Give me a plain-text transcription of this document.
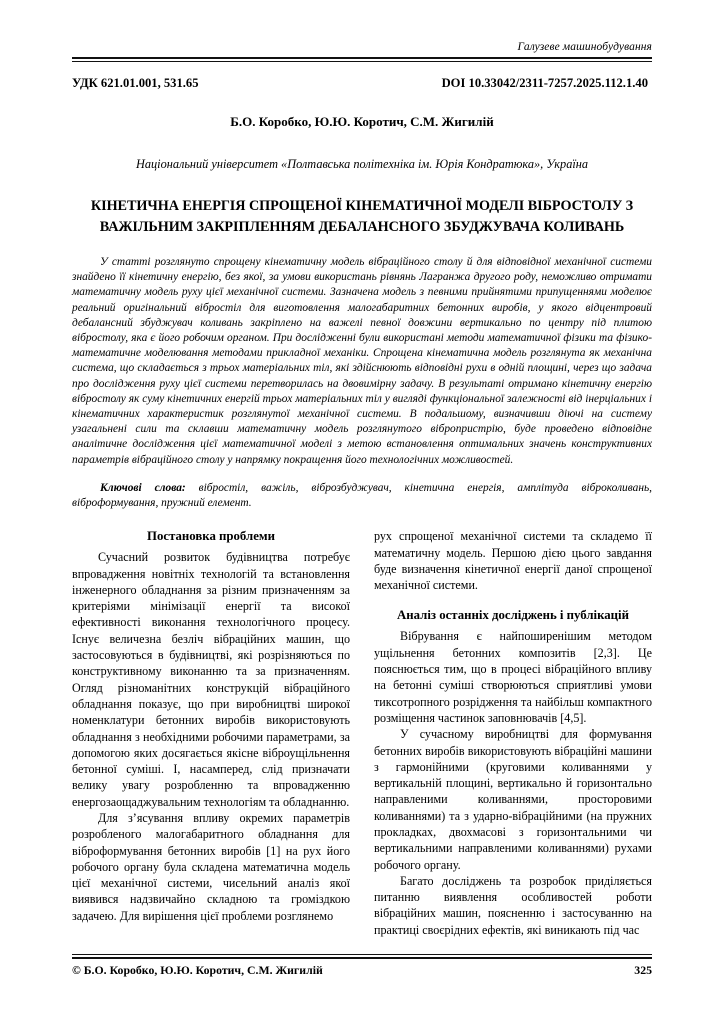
Галузеве машинобудування
УДК 621.01.001, 531.65	DOI 10.33042/2311-7257.2025.112.1.40
Б.О. Коробко, Ю.Ю. Коротич, С.М. Жигилій
Національний університет «Полтавська політехніка ім. Юрія Кондратюка», Україна
КІНЕТИЧНА ЕНЕРГІЯ СПРОЩЕНОЇ КІНЕМАТИЧНОЇ МОДЕЛІ ВІБРОСТОЛУ З ВАЖІЛЬНИМ ЗАКРІПЛЕННЯМ ДЕБАЛАНСНОГО ЗБУДЖУВАЧА КОЛИВАНЬ
У статті розглянуто спрощену кінематичну модель вібраційного столу й для відповідної механічної системи знайдено її кінетичну енергію, без якої, за умови використань рівнянь Лагранжа другого роду, неможливо отримати математичну модель руху цієї механічної системи. Зазначена модель з певними прийнятими припущеннями моделює реальний оригінальний вібростіл для виготовлення малогабаритних бетонних виробів, у якого відцентровий дебалансний збуджувач коливань закріплено на важелі певної довжини вертикально по центру під плитою вібростолу, яка є його робочим органом. При дослідженні були використані методи математичної фізики та фізико-математичне моделювання методами прикладної механіки. Спрощена кінематична модель розглянута як механічна система, що складається з трьох матеріальних тіл, які здійснюють відповідні рухи в одній площині, через що задача про дослідження руху цієї системи перетворилась на двовимірну задачу. В результаті отримано кінетичну енергію вібростолу як суму кінетичних енергій трьох матеріальних тіл у вигляді функціональної залежності від інерціальних і кінематичних характеристик розглянутої механічної системи. В подальшому, визначивши діючі на систему узагальнені сили та склавши математичну модель розглянутого вібропристрію, буде проведено відповідне аналітичне дослідження цієї математичної моделі з метою встановлення оптимальних значень конструктивних параметрів вібраційного столу у напрямку покращення його технологічних можливостей.
Ключові слова: вібростіл, важіль, віброзбуджувач, кінетична енергія, амплітуда віброколивань, віброформування, пружний елемент.
Постановка проблеми

Сучасний розвиток будівництва потребує впровадження новітніх технологій та встановлення інженерного обладнання за різним призначенням за критеріями мінімізації енергії та високої ефективності виконання технологічного процесу. Існує величезна безліч вібраційних машин, що застосовуються в будівництві, які розрізняються по конструктивному виконанню та за призначенням. Огляд різноманітних конструкцій вібраційного обладнання показує, що при виробництві широкої номенклатури бетонних виробів використовують обладнання з необхідними робочими параметрами, за допомогою яких досягається якісне віброущільнення бетонної суміші. І, насамперед, слід призначати велику увагу розробленню та впровадженню енергозаощаджувальним технологіям та обладнанню.

Для з’ясування впливу окремих параметрів розробленого малогабаритного обладнання для віброформування бетонних виробів [1] на рух його робочого органу була складена математична модель цієї механічної системи, чисельний аналіз якої виявився надзвичайно складною та громіздкою задачею. Для вирішення цієї проблеми розглянемо

рух спрощеної механічної системи та складемо її математичну модель. Першою дією цього завдання буде визначення кінетичної енергії даної спрощеної механічної системи.

Аналіз останніх досліджень і публікацій

Вібрування є найпоширенішим методом ущільнення бетонних композитів [2,3]. Це пояснюється тим, що в процесі вібраційного впливу на бетонні суміші створюються сприятливі умови тиксотропного розрідження та найбільш компактного розміщення частинок заповнювачів [4,5].

У сучасному виробництві для формування бетонних виробів використовують вібраційні машини з гармонійними (круговими коливаннями у вертикальній площині, вертикально й горизонтально направленими коливаннями, просторовими коливаннями) та з ударно-вібраційними (на пружних прокладках, двохмасові з горизонтальними чи вертикальними направленими коливаннями) рухами робочого органу.

Багато досліджень та розробок приділяється питанню виявлення особливостей роботи вібраційних машин, поясненню і застосуванню на практиці своєрідних ефектів, які виникають під час

© Б.О. Коробко, Ю.Ю. Коротич, С.М. Жигилій	325
